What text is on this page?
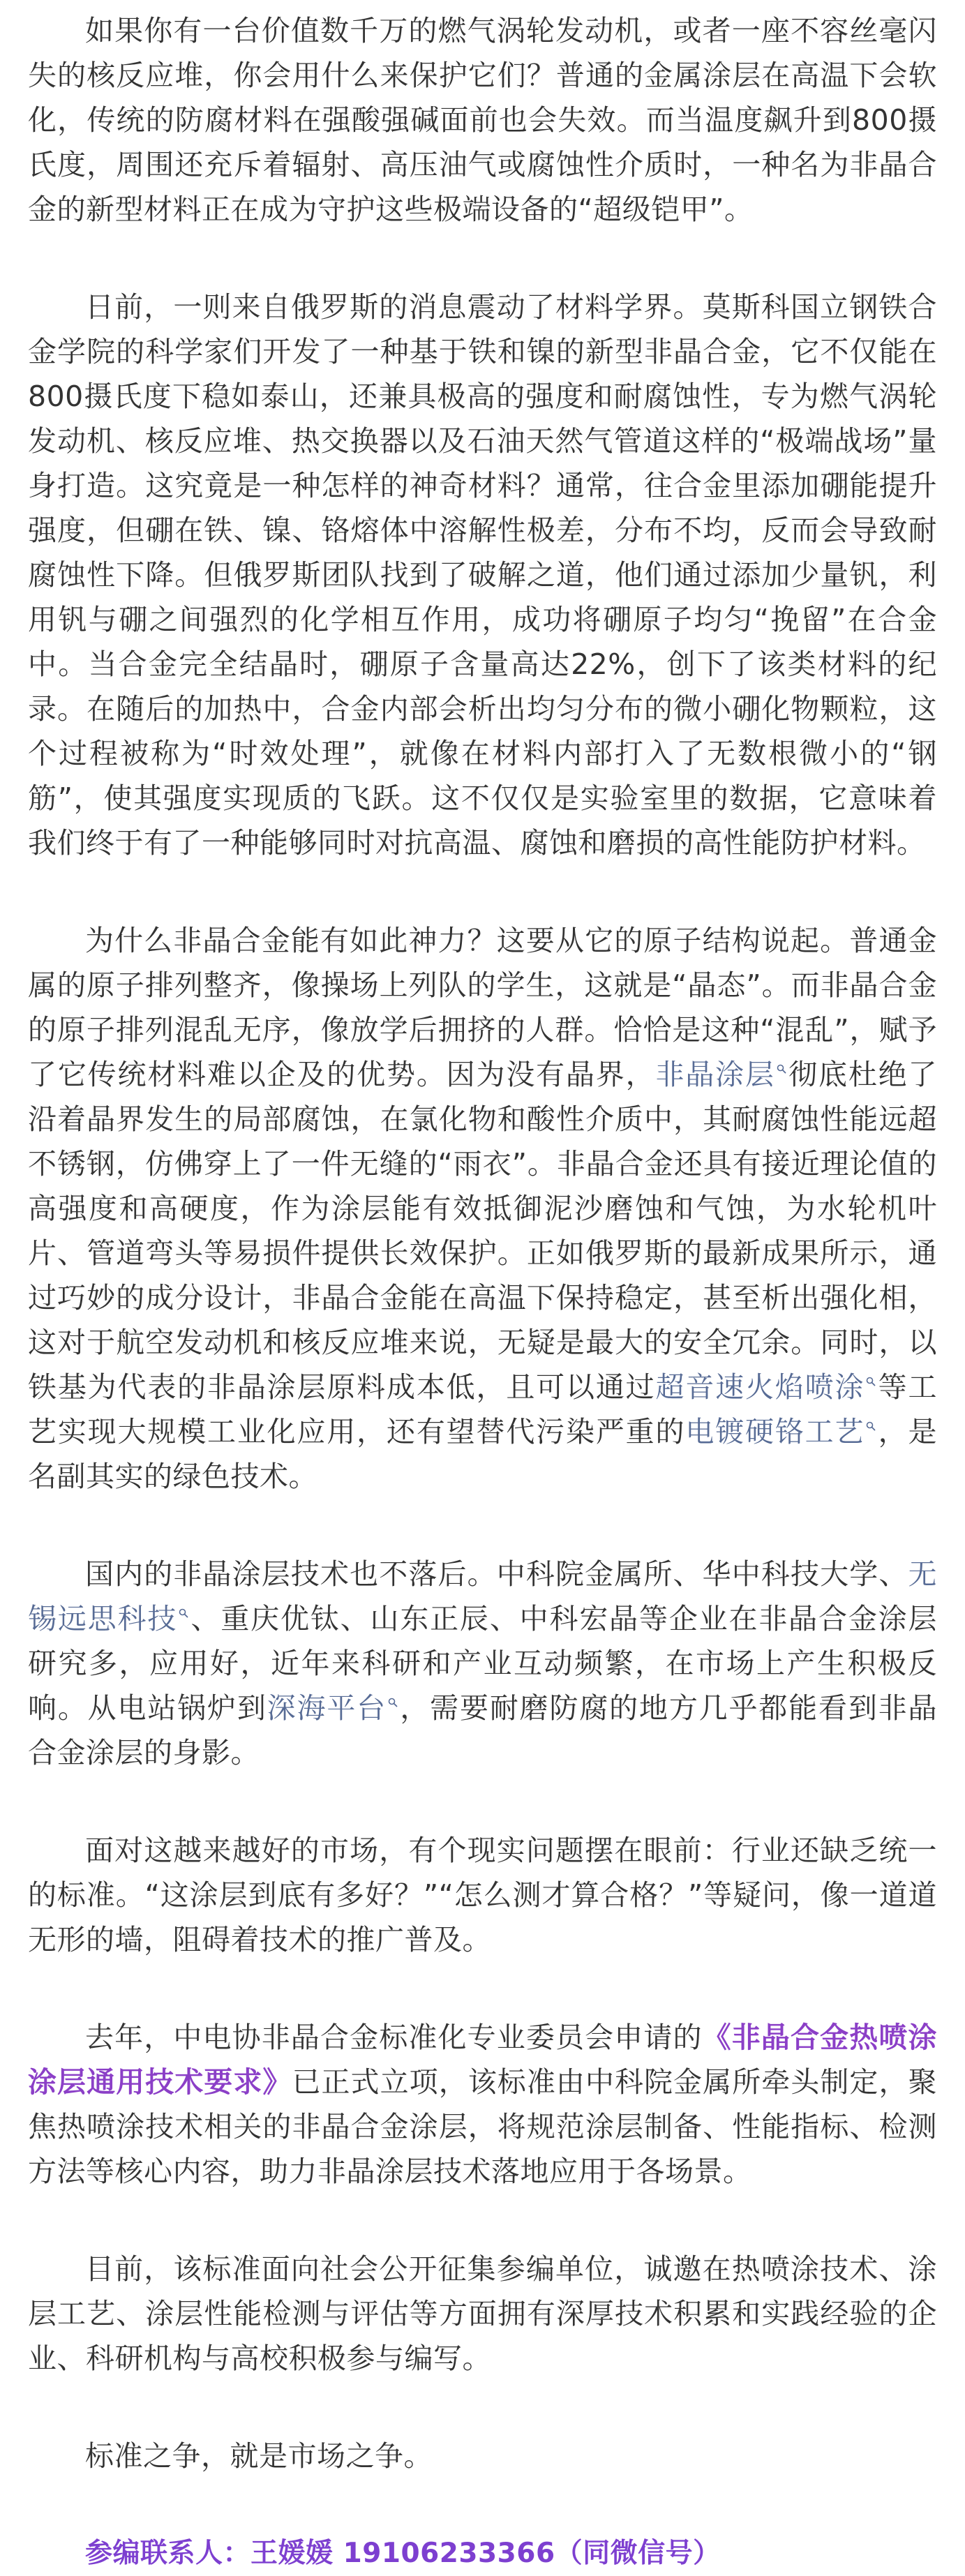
如果你有一台价值数千万的燃气涡轮发动机，或者一座不容丝毫闪失的核反应堆，你会用什么来保护它们？普通的金属涂层在高温下会软化，传统的防腐材料在强酸强碱面前也会失效。而当温度飙升到800摄氏度，周围还充斥着辐射、高压油气或腐蚀性介质时，一种名为非晶合金的新型材料正在成为守护这些极端设备的“超级铠甲”。

日前，一则来自俄罗斯的消息震动了材料学界。莫斯科国立钢铁合金学院的科学家们开发了一种基于铁和镍的新型非晶合金，它不仅能在800摄氏度下稳如泰山，还兼具极高的强度和耐腐蚀性，专为燃气涡轮发动机、核反应堆、热交换器以及石油天然气管道这样的“极端战场”量身打造。这究竟是一种怎样的神奇材料？通常，往合金里添加硼能提升强度，但硼在铁、镍、铬熔体中溶解性极差，分布不均，反而会导致耐腐蚀性下降。但俄罗斯团队找到了破解之道，他们通过添加少量钒，利用钒与硼之间强烈的化学相互作用，成功将硼原子均匀“挽留”在合金中。当合金完全结晶时，硼原子含量高达22%，创下了该类材料的纪录。在随后的加热中，合金内部会析出均匀分布的微小硼化物颗粒，这个过程被称为“时效处理”，就像在材料内部打入了无数根微小的“钢筋”，使其强度实现质的飞跃。这不仅仅是实验室里的数据，它意味着我们终于有了一种能够同时对抗高温、腐蚀和磨损的高性能防护材料。

为什么非晶合金能有如此神力？这要从它的原子结构说起。普通金属的原子排列整齐，像操场上列队的学生，这就是“晶态”。而非晶合金的原子排列混乱无序，像放学后拥挤的人群。恰恰是这种“混乱”，赋予了它传统材料难以企及的优势。因为没有晶界，非晶涂层 彻底杜绝了沿着晶界发生的局部腐蚀，在氯化物和酸性介质中，其耐腐蚀性能远超不锈钢，仿佛穿上了一件无缝的“雨衣”。非晶合金还具有接近理论值的高强度和高硬度，作为涂层能有效抵御泥沙磨蚀和气蚀，为水轮机叶片、管道弯头等易损件提供长效保护。正如俄罗斯的最新成果所示，通过巧妙的成分设计，非晶合金能在高温下保持稳定，甚至析出强化相，这对于航空发动机和核反应堆来说，无疑是最大的安全冗余。同时，以铁基为代表的非晶涂层原料成本低，且可以通过超音速火焰喷涂 等工艺实现大规模工业化应用，还有望替代污染严重的电镀硬铬工艺 ，是名副其实的绿色技术。

国内的非晶涂层技术也不落后。中科院金属所、华中科技大学、无锡远思科技 、重庆优钛、山东正辰、中科宏晶等企业在非晶合金涂层研究多，应用好，近年来科研和产业互动频繁，在市场上产生积极反响。从电站锅炉到深海平台 ，需要耐磨防腐的地方几乎都能看到非晶合金涂层的身影。

面对这越来越好的市场，有个现实问题摆在眼前：行业还缺乏统一的标准。“这涂层到底有多好？”“怎么测才算合格？”等疑问，像一道道无形的墙，阻碍着技术的推广普及。

去年，中电协非晶合金标准化专业委员会申请的《非晶合金热喷涂涂层通用技术要求》已正式立项，该标准由中科院金属所牵头制定，聚焦热喷涂技术相关的非晶合金涂层，将规范涂层制备、性能指标、检测方法等核心内容，助力非晶涂层技术落地应用于各场景。

目前，该标准面向社会公开征集参编单位，诚邀在热喷涂技术、涂层工艺、涂层性能检测与评估等方面拥有深厚技术积累和实践经验的企业、科研机构与高校积极参与编写。

标准之争，就是市场之争。

参编联系人：王媛媛 19106233366（同微信号）
